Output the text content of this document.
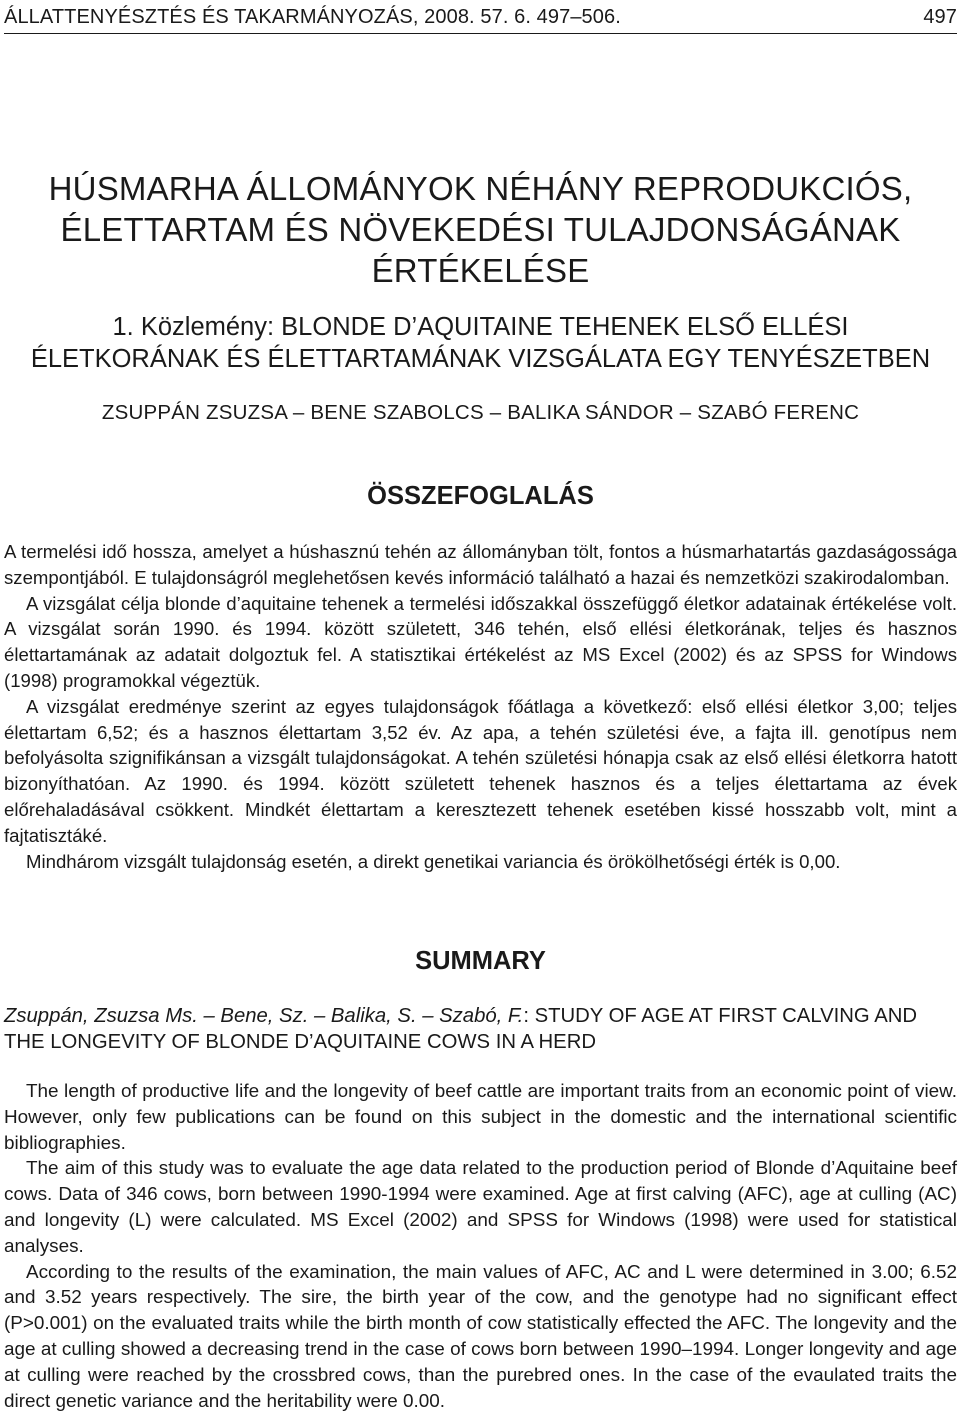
ÁLLATTENYÉSZTÉS ÉS TAKARMÁNYOZÁS, 2008. 57. 6. 497–506.	497
HÚSMARHA ÁLLOMÁNYOK NÉHÁNY REPRODUKCIÓS,
ÉLETTARTAM ÉS NÖVEKEDÉSI TULAJDONSÁGÁNAK
ÉRTÉKELÉSE
1. Közlemény: BLONDE D’AQUITAINE TEHENEK ELSŐ ELLÉSI
ÉLETKORÁNAK ÉS ÉLETTARTAMÁNAK VIZSGÁLATA EGY TENYÉSZETBEN
ZSUPPÁN ZSUZSA – BENE SZABOLCS – BALIKA SÁNDOR – SZABÓ FERENC
ÖSSZEFOGLALÁS

A termelési idő hossza, amelyet a húshasznú tehén az állományban tölt, fontos a húsmarhatartás gazdaságossága szempontjából. E tulajdonságról meglehetősen kevés információ található a hazai és nemzetközi szakirodalomban.

A vizsgálat célja blonde d’aquitaine tehenek a termelési időszakkal összefüggő életkor adatainak értékelése volt. A vizsgálat során 1990. és 1994. között született, 346 tehén, első ellési életkorának, teljes és hasznos élettartamának az adatait dolgoztuk fel. A statisztikai értékelést az MS Excel (2002) és az SPSS for Windows (1998) programokkal végeztük.

A vizsgálat eredménye szerint az egyes tulajdonságok főátlaga a következő: első ellési életkor 3,00; teljes élettartam 6,52; és a hasznos élettartam 3,52 év. Az apa, a tehén születési éve, a fajta ill. genotípus nem befolyásolta szignifikánsan a vizsgált tulajdonságokat. A tehén születési hónapja csak az első ellési életkorra hatott bizonyíthatóan. Az 1990. és 1994. között született tehenek hasznos és a teljes élettartama az évek előrehaladásával csökkent. Mindkét élettartam a keresztezett tehenek esetében kissé hosszabb volt, mint a fajtatisztáké.

Mindhárom vizsgált tulajdonság esetén, a direkt genetikai variancia és örökölhetőségi érték is 0,00.

SUMMARY
Zsuppán, Zsuzsa Ms. – Bene, Sz. – Balika, S. – Szabó, F.: STUDY OF AGE AT FIRST CALVING AND THE LONGEVITY OF BLONDE D’AQUITAINE COWS IN A HERD

The length of productive life and the longevity of beef cattle are important traits from an economic point of view. However, only few publications can be found on this subject in the domestic and the international scientific bibliographies.

The aim of this study was to evaluate the age data related to the production period of Blonde d’Aquitaine beef cows. Data of 346 cows, born between 1990-1994 were examined. Age at first calving (AFC), age at culling (AC) and longevity (L) were calculated. MS Excel (2002) and SPSS for Windows (1998) were used for statistical analyses.

According to the results of the examination, the main values of AFC, AC and L were determined in 3.00; 6.52 and 3.52 years respectively. The sire, the birth year of the cow, and the genotype had no significant effect (P>0.001) on the evaluated traits while the birth month of cow statistically effected the AFC. The longevity and the age at culling showed a decreasing trend in the case of cows born between 1990–1994. Longer longevity and age at culling were reached by the crossbred cows, than the purebred ones. In the case of the evaulated traits the direct genetic variance and the heritability were 0.00.
